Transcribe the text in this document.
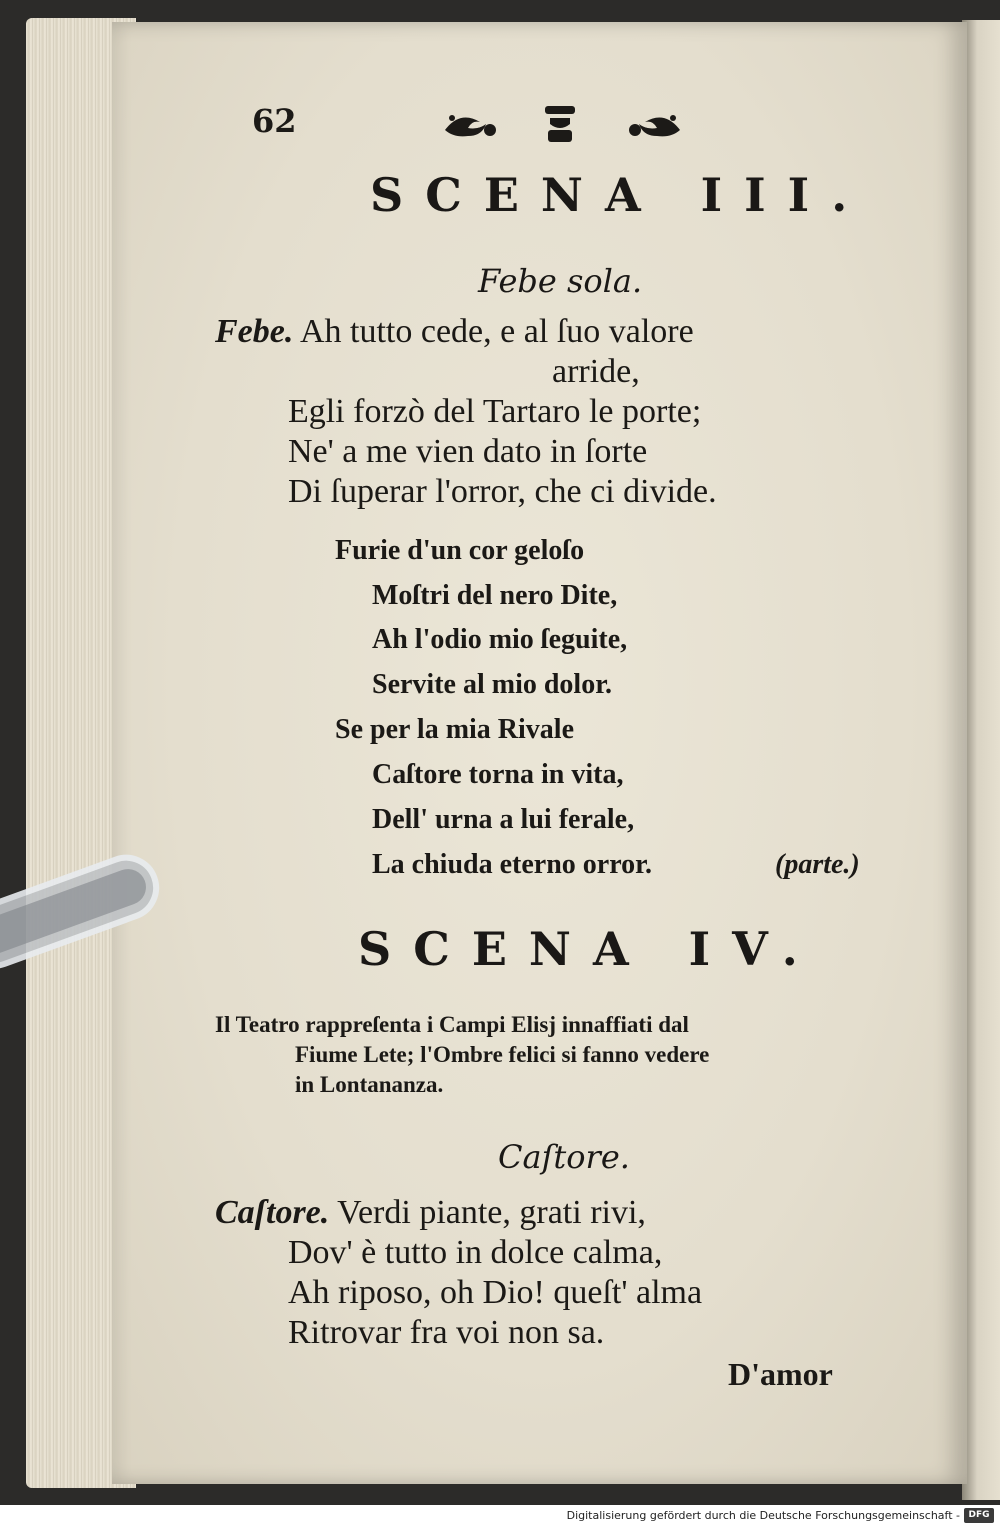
62
SCENA III.
Febe sola.
Febe. Ah tutto cede, e al ſuo valore
arride,
Egli forzò del Tartaro le porte;
Ne' a me vien dato in ſorte
Di ſuperar l'orror, che ci divide.
Furie d'un cor geloſo
Moſtri del nero Dite,
Ah l'odio mio ſeguite,
Servite al mio dolor.
Se per la mia Rivale
Caſtore torna in vita,
Dell' urna a lui ferale,
La chiuda eterno orror.	(parte.)
SCENA IV.
Il Teatro rappreſenta i Campi Elisj innaffiati dal
Fiume Lete; l'Ombre felici si fanno vedere
in Lontananza.
Caſtore.
Caſtore. Verdi piante, grati rivi,
Dov' è tutto in dolce calma,
Ah riposo, oh Dio! queſt' alma
Ritrovar fra voi non sa.
D'amor
Digitalisierung gefördert durch die Deutsche Forschungsgemeinschaft - DFG
